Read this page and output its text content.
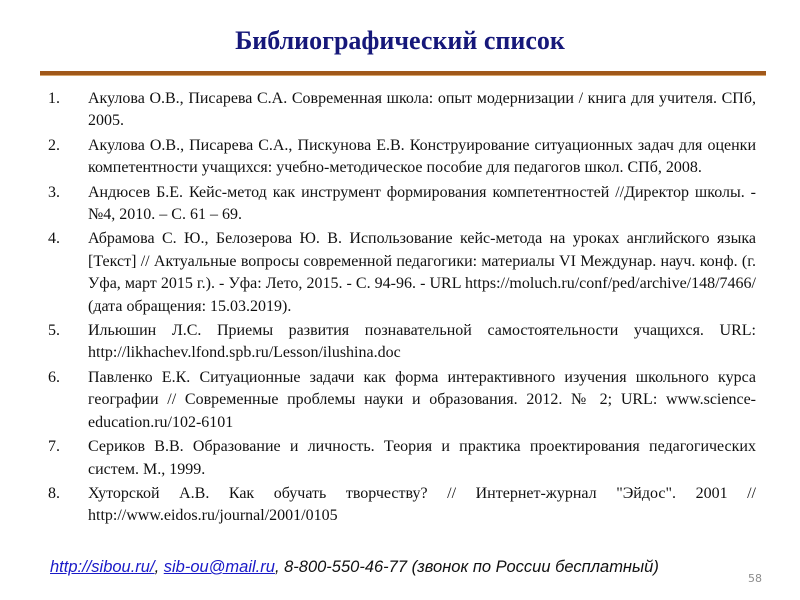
Библиографический список
1.	Акулова О.В., Писарева С.А. Современная школа: опыт модернизации / книга для учителя. СПб, 2005.
2.	Акулова О.В., Писарева С.А., Пискунова Е.В. Конструирование ситуационных задач для оценки компетентности учащихся: учебно-методическое пособие для педагогов школ. СПб, 2008.
3.	Андюсев Б.Е. Кейс-метод как инструмент формирования компетентностей //Директор школы. - №4, 2010. – С. 61 – 69.
4.	Абрамова С. Ю., Белозерова Ю. В. Использование кейс-метода на уроках английского языка [Текст] // Актуальные вопросы современной педагогики: материалы VI Междунар. науч. конф. (г. Уфа, март 2015 г.). - Уфа: Лето, 2015. - С. 94-96. - URL https://moluch.ru/conf/ped/archive/148/7466/ (дата обращения: 15.03.2019).
5.	Ильюшин Л.С. Приемы развития познавательной самостоятельности учащихся. URL: http://likhachev.lfond.spb.ru/Lesson/ilushina.doc
6.	Павленко Е.К. Ситуационные задачи как форма интерактивного изучения школьного курса географии // Современные проблемы науки и образования. 2012. № 2; URL: www.science-education.ru/102-6101
7.	Сериков В.В. Образование и личность. Теория и практика проектирования педагогических систем. М., 1999.
8.	Хуторской А.В. Как обучать творчеству? // Интернет-журнал "Эйдос". 2001 // http://www.eidos.ru/journal/2001/0105
http://sibou.ru/, sib-ou@mail.ru, 8-800-550-46-77 (звонок по России бесплатный)
58
